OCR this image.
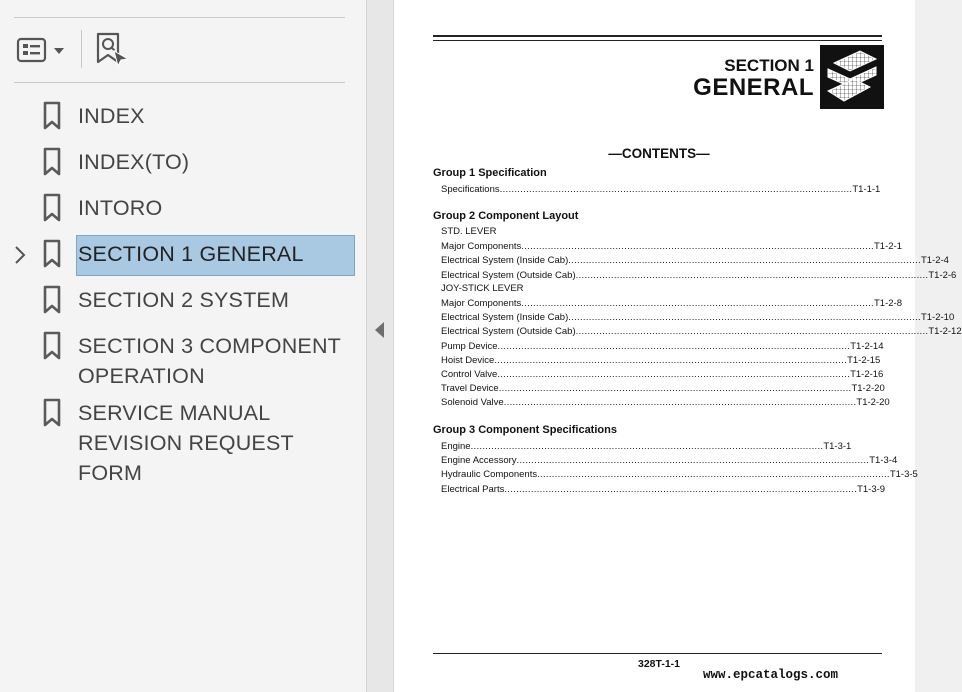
INDEX
INDEX(TO)
INTORO
SECTION 1 GENERAL
SECTION 2 SYSTEM
SECTION 3 COMPONENT OPERATION
SERVICE MANUAL REVISION REQUEST FORM
SECTION 1
GENERAL
—CONTENTS—
Group 1 Specification
Specifications ........................................................................................................................ T1-1-1
Group 2 Component Layout
STD. LEVER
Major Components ........................................................................................................................ T1-2-1
Electrical System (Inside Cab) ........................................................................................................................ T1-2-4
Electrical System (Outside Cab) ........................................................................................................................ T1-2-6
JOY-STICK LEVER
Major Components ........................................................................................................................ T1-2-8
Electrical System (Inside Cab) ........................................................................................................................ T1-2-10
Electrical System (Outside Cab) ........................................................................................................................ T1-2-12
Pump Device ........................................................................................................................ T1-2-14
Hoist Device ........................................................................................................................ T1-2-15
Control Valve ........................................................................................................................ T1-2-16
Travel Device ........................................................................................................................ T1-2-20
Solenoid Valve ........................................................................................................................ T1-2-20
Group 3 Component Specifications
Engine ........................................................................................................................ T1-3-1
Engine Accessory ........................................................................................................................ T1-3-4
Hydraulic Components ........................................................................................................................ T1-3-5
Electrical Parts ........................................................................................................................ T1-3-9
328T-1-1
www.epcatalogs.com
